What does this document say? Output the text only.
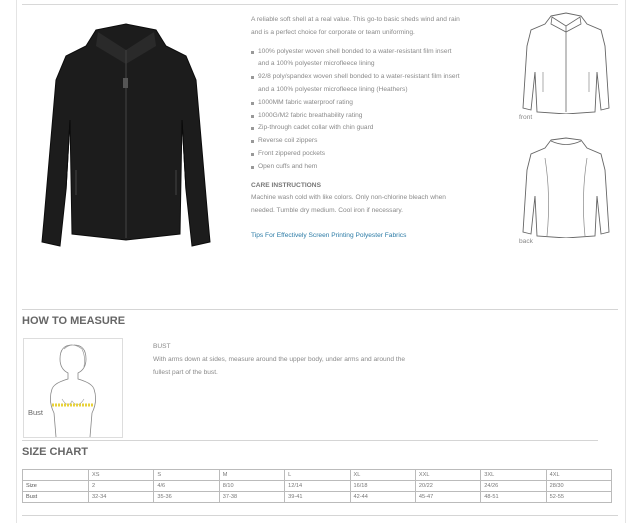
A reliable soft shell at a real value. This go-to basic sheds wind and rain and is a perfect choice for corporate or team uniforming.

100% polyester woven shell bonded to a water-resistant film insert and a 100% polyester microfleece lining
92/8 poly/spandex woven shell bonded to a water-resistant film insert and a 100% polyester microfleece lining (Heathers)
1000MM fabric waterproof rating
1000G/M2 fabric breathability rating
Zip-through cadet collar with chin guard
Reverse coil zippers
Front zippered pockets
Open cuffs and hem

CARE INSTRUCTIONS

Machine wash cold with like colors. Only non-chlorine bleach when needed. Tumble dry medium. Cool iron if necessary.

Tips For Effectively Screen Printing Polyester Fabrics

front
back
HOW TO MEASURE
Bust

BUST

With arms down at sides, measure around the upper body, under arms and around the fullest part of the bust.

SIZE CHART
	XS	S	M	L	XL	XXL	3XL	4XL
Size	2	4/6	8/10	12/14	16/18	20/22	24/26	28/30
Bust	32-34	35-36	37-38	39-41	42-44	45-47	48-51	52-55
